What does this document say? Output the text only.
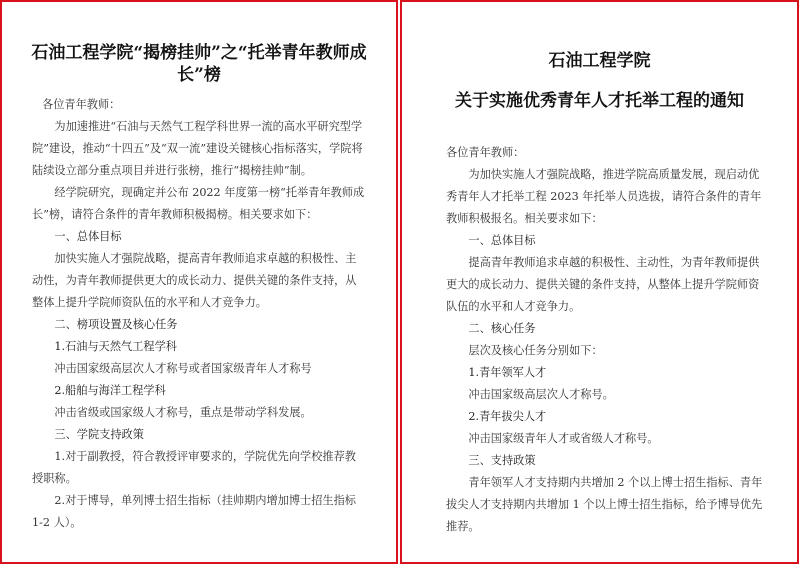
石油工程学院“揭榜挂帅”之“托举青年教师成长”榜

各位青年教师：

为加速推进“石油与天然气工程学科世界一流的高水平研究型学院”建设，推动“十四五”及“双一流”建设关键核心指标落实，学院将陆续设立部分重点项目并进行张榜，推行“揭榜挂帅”制。

经学院研究，现确定并公布 2022 年度第一榜“托举青年教师成长”榜，请符合条件的青年教师积极揭榜。相关要求如下：

一、总体目标

加快实施人才强院战略，提高青年教师追求卓越的积极性、主动性，为青年教师提供更大的成长动力、提供关键的条件支持，从整体上提升学院师资队伍的水平和人才竞争力。

二、榜项设置及核心任务

1.石油与天然气工程学科

冲击国家级高层次人才称号或者国家级青年人才称号

2.船舶与海洋工程学科

冲击省级或国家级人才称号，重点是带动学科发展。

三、学院支持政策

1.对于副教授，符合教授评审要求的，学院优先向学校推荐教授职称。

2.对于博导，单列博士招生指标（挂帅期内增加博士招生指标 1-2 人）。

石油工程学院
关于实施优秀青年人才托举工程的通知

各位青年教师：

为加快实施人才强院战略，推进学院高质量发展，现启动优秀青年人才托举工程 2023 年托举人员选拔，请符合条件的青年教师积极报名。相关要求如下：

一、总体目标

提高青年教师追求卓越的积极性、主动性，为青年教师提供更大的成长动力、提供关键的条件支持，从整体上提升学院师资队伍的水平和人才竞争力。

二、核心任务

层次及核心任务分别如下：

1.青年领军人才

冲击国家级高层次人才称号。

2.青年拔尖人才

冲击国家级青年人才或省级人才称号。

三、支持政策

青年领军人才支持期内共增加 2 个以上博士招生指标、青年拔尖人才支持期内共增加 1 个以上博士招生指标，给予博导优先推荐。
